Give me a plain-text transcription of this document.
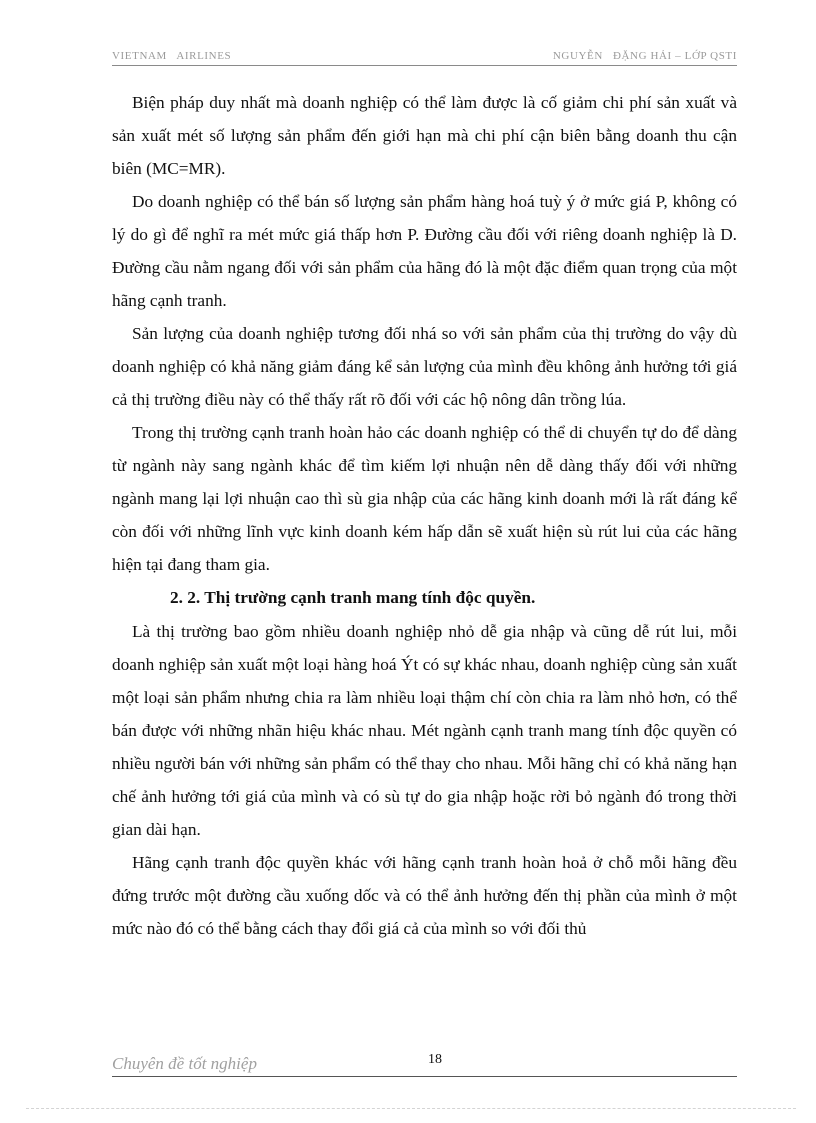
VIETNAM   AIRLINES	NGUYỄN   ĐẶNG HẢI – LỚP QSTI

Biện pháp duy nhất mà doanh nghiệp có thể làm được là cố giảm chi phí sản xuất và sản xuất mét số lượng sản phẩm đến giới hạn mà chi phí cận biên bằng doanh thu cận biên (MC=MR).

Do doanh nghiệp có thể bán số lượng sản phẩm hàng hoá tuỳ ý ở mức giá P, không có lý do gì để nghĩ ra mét mức giá thấp hơn P. Đường cầu đối với riêng doanh nghiệp là D. Đường cầu nằm ngang đối với sản phẩm của hãng đó là một đặc điểm quan trọng của một hãng cạnh tranh.

Sản lượng của doanh nghiệp tương đối nhá so với sản phẩm của thị trường do vậy dù doanh nghiệp có khả năng giảm đáng kể sản lượng của mình đều không ảnh hưởng tới giá cả thị trường điều này có thể thấy rất rõ đối với các hộ nông dân trồng lúa.

Trong thị trường cạnh tranh hoàn hảo các doanh nghiệp có thể di chuyển tự do để dàng từ ngành này sang ngành khác để tìm kiếm lợi nhuận nên dễ dàng thấy đối với những ngành mang lại lợi nhuận cao thì sù gia nhập của các hãng kinh doanh mới là rất đáng kể còn đối với những lĩnh vực kinh doanh kém hấp dẫn sẽ xuất hiện sù rút lui của các hãng hiện tại đang tham gia.

2. 2. Thị trường cạnh tranh mang tính độc quyền.

Là thị trường bao gồm nhiều doanh nghiệp nhỏ dễ gia nhập và cũng dễ rút lui, mỗi doanh nghiệp sản xuất một loại hàng hoá Ýt có sự khác nhau, doanh nghiệp cùng sản xuất một loại sản phẩm nhưng chia ra làm nhiều loại thậm chí còn chia ra làm nhỏ hơn, có thể bán được với những nhãn hiệu khác nhau. Mét ngành cạnh tranh mang tính độc quyền có nhiều người bán với những sản phẩm có thể thay cho nhau. Mỗi hãng chỉ có khả năng hạn chế ảnh hưởng tới giá của mình và có sù tự do gia nhập hoặc rời bỏ ngành đó trong thời gian dài hạn.

Hãng cạnh tranh độc quyền khác với hãng cạnh tranh hoàn hoả ở chỗ mỗi hãng đều đứng trước một đường cầu xuống dốc và có thể ảnh hưởng đến thị phần của mình ở một mức nào đó có thể bằng cách thay đổi giá cả của mình so với đối thủ

Chuyên đề tốt nghiệp	18
